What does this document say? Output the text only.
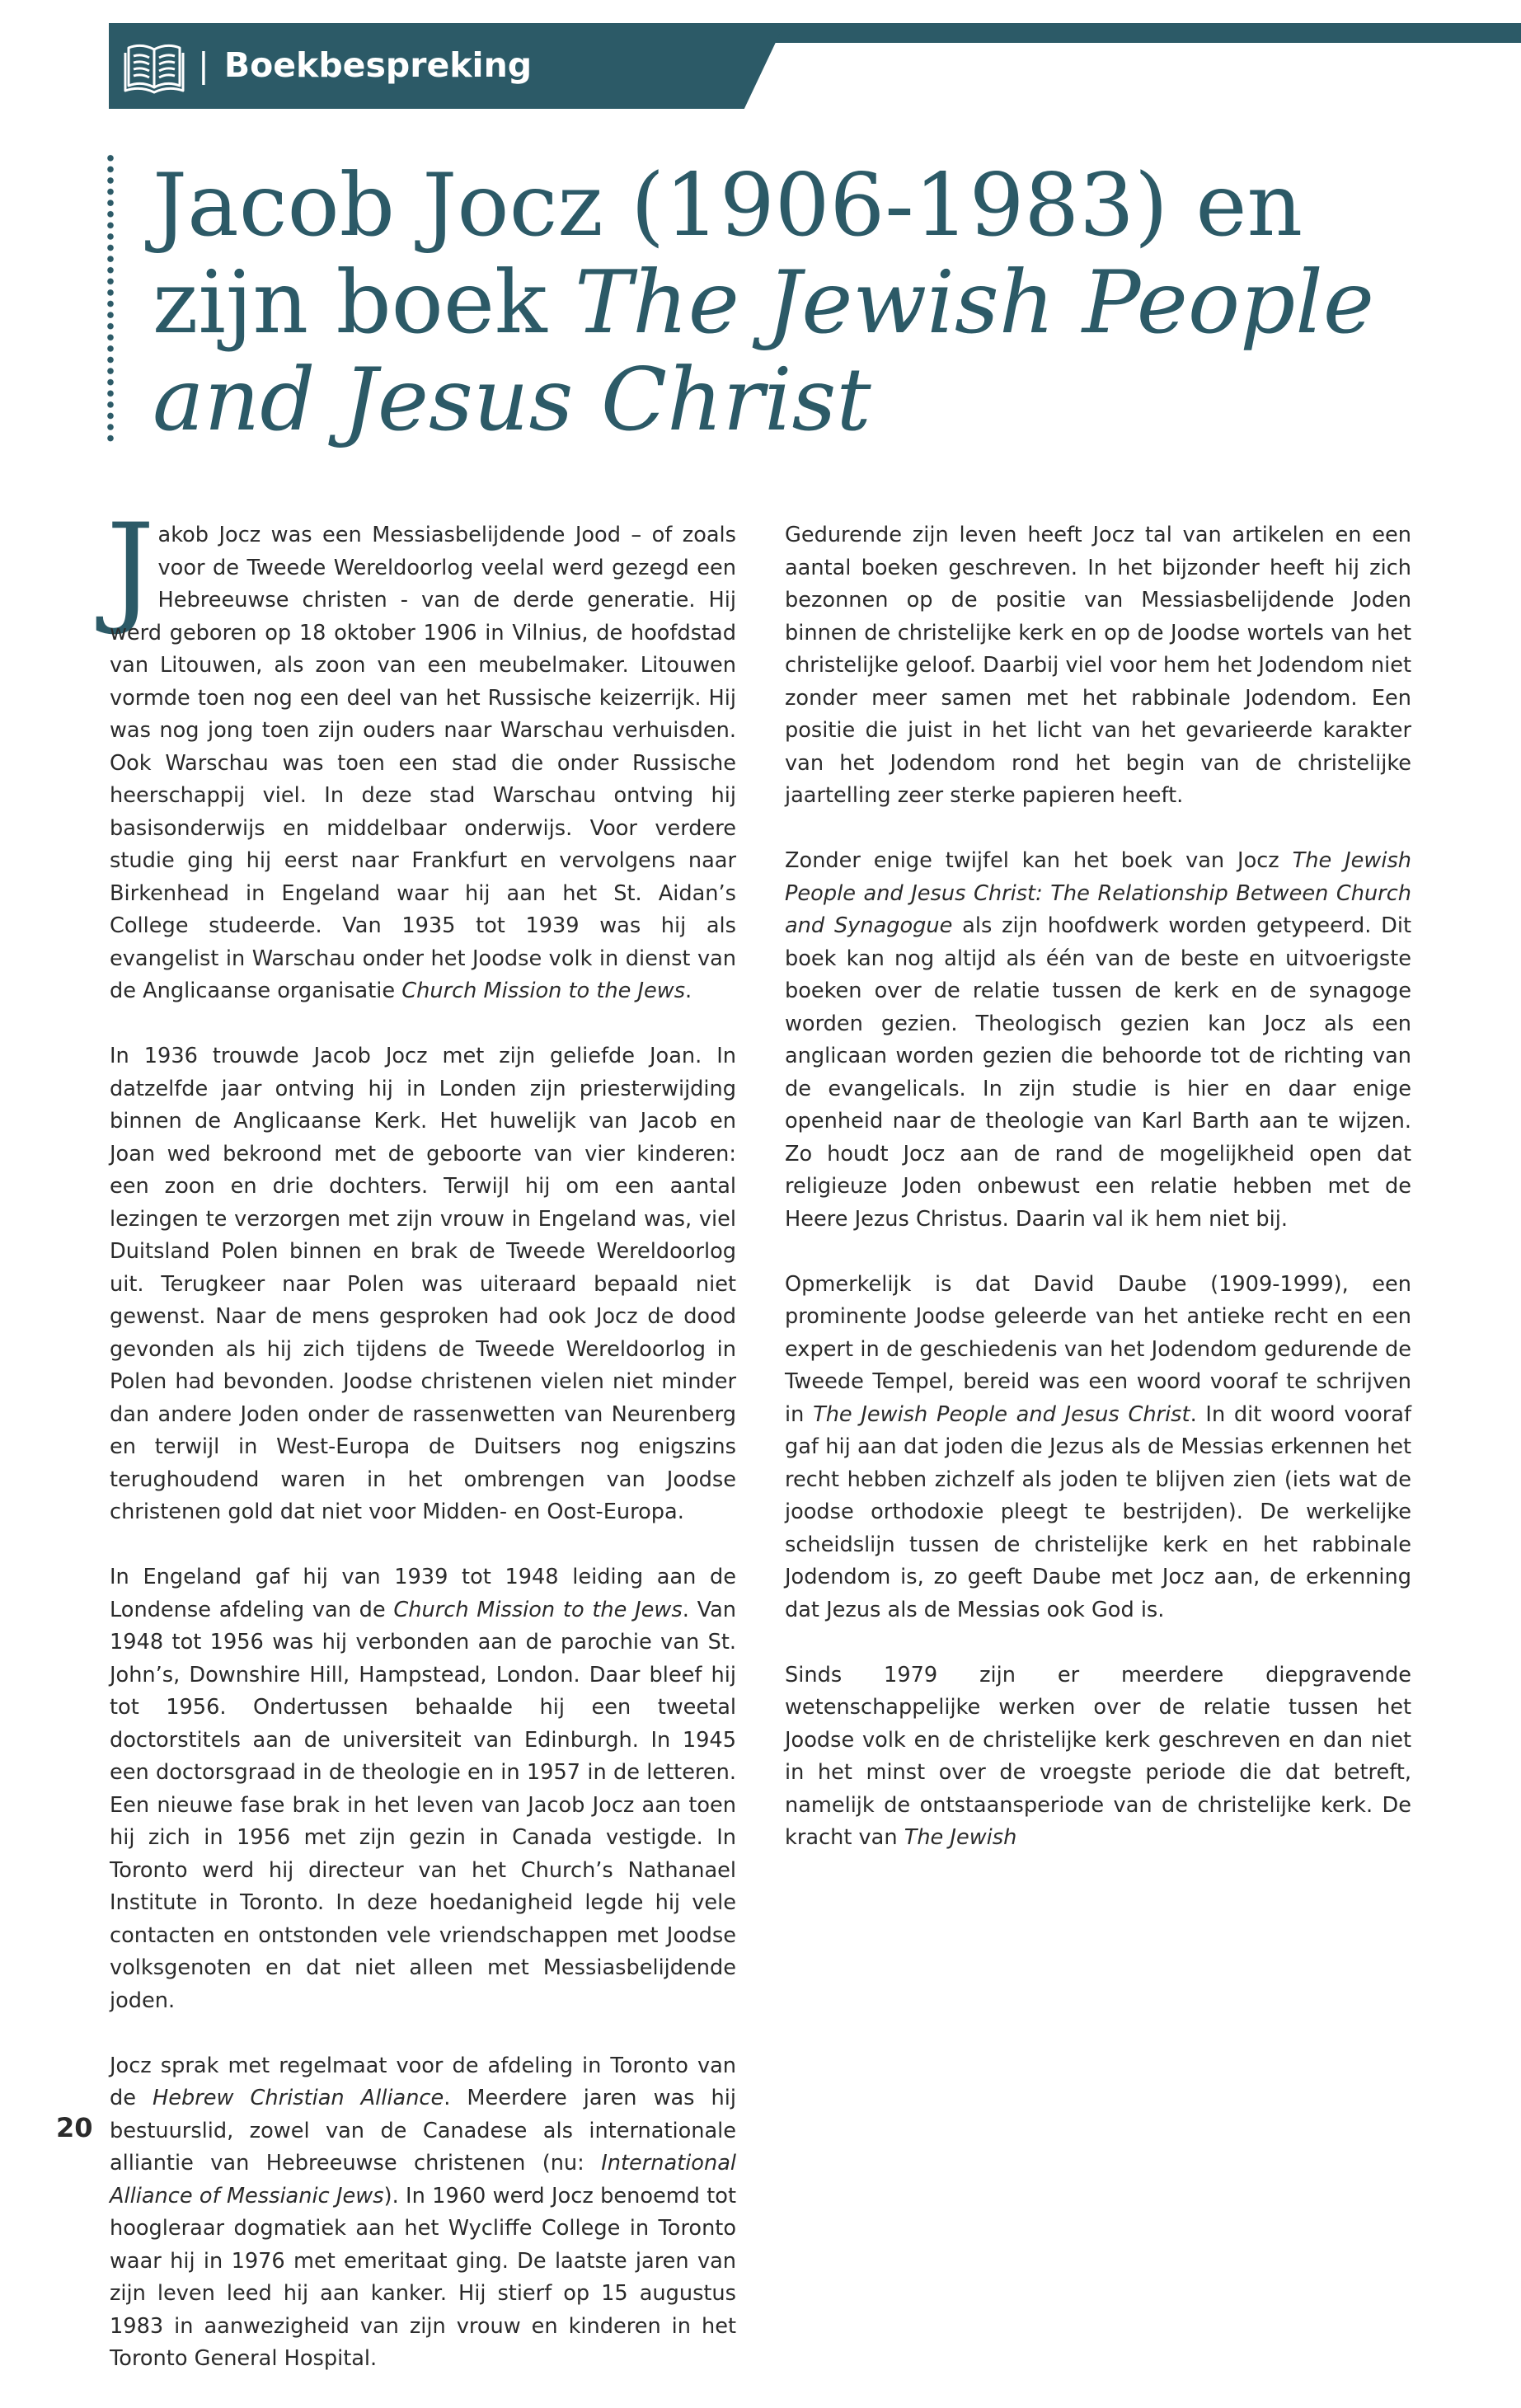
| Boekbespreking
Jacob Jocz (1906-1983) en
zijn boek The Jewish People
and Jesus Christ

Jakob Jocz was een Messiasbelijdende Jood – of zoals voor de Tweede Wereldoorlog veelal werd gezegd een Hebreeuwse christen - van de derde generatie. Hij werd geboren op 18 oktober 1906 in Vilnius, de hoofdstad van Litouwen, als zoon van een meubelmaker. Litouwen vormde toen nog een deel van het Russische keizerrijk. Hij was nog jong toen zijn ouders naar Warschau verhuisden. Ook Warschau was toen een stad die onder Russische heerschappij viel. In deze stad Warschau ontving hij basisonderwijs en middelbaar onderwijs. Voor verdere studie ging hij eerst naar Frankfurt en vervolgens naar Birkenhead in Engeland waar hij aan het St. Aidan’s College studeerde. Van 1935 tot 1939 was hij als evangelist in Warschau onder het Joodse volk in dienst van de Anglicaanse organisatie Church Mission to the Jews.

In 1936 trouwde Jacob Jocz met zijn geliefde Joan. In datzelfde jaar ontving hij in Londen zijn priesterwijding binnen de Anglicaanse Kerk. Het huwelijk van Jacob en Joan wed bekroond met de geboorte van vier kinderen: een zoon en drie dochters. Terwijl hij om een aantal lezingen te verzorgen met zijn vrouw in Engeland was, viel Duitsland Polen binnen en brak de Tweede Wereldoorlog uit. Terugkeer naar Polen was uiteraard bepaald niet gewenst. Naar de mens gesproken had ook Jocz de dood gevonden als hij zich tijdens de Tweede Wereldoorlog in Polen had bevonden. Joodse christenen vielen niet minder dan andere Joden onder de rassenwetten van Neurenberg en terwijl in West-Europa de Duitsers nog enigszins terughoudend waren in het ombrengen van Joodse christenen gold dat niet voor Midden- en Oost-Europa.

In Engeland gaf hij van 1939 tot 1948 leiding aan de Londense afdeling van de Church Mission to the Jews. Van 1948 tot 1956 was hij verbonden aan de parochie van St. John’s, Downshire Hill, Hampstead, London. Daar bleef hij tot 1956. Ondertussen behaalde hij een tweetal doctorstitels aan de universiteit van Edinburgh. In 1945 een doctorsgraad in de theologie en in 1957 in de letteren. Een nieuwe fase brak in het leven van Jacob Jocz aan toen hij zich in 1956 met zijn gezin in Canada vestigde. In Toronto werd hij directeur van het Church’s Nathanael Institute in Toronto. In deze hoedanigheid legde hij vele contacten en ontstonden vele vriendschappen met Joodse volksgenoten en dat niet alleen met Messiasbelijdende joden.

Jocz sprak met regelmaat voor de afdeling in Toronto van de Hebrew Christian Alliance. Meerdere jaren was hij bestuurslid, zowel van de Canadese als internationale alliantie van Hebreeuwse christenen (nu: International Alliance of Messianic Jews). In 1960 werd Jocz benoemd tot hoogleraar dogmatiek aan het Wycliffe College in Toronto waar hij in 1976 met emeritaat ging. De laatste jaren van zijn leven leed hij aan kanker. Hij stierf op 15 augustus 1983 in aanwezigheid van zijn vrouw en kinderen in het Toronto General Hospital.

Gedurende zijn leven heeft Jocz tal van artikelen en een aantal boeken geschreven. In het bijzonder heeft hij zich bezonnen op de positie van Messiasbelijdende Joden binnen de christelijke kerk en op de Joodse wortels van het christelijke geloof. Daarbij viel voor hem het Jodendom niet zonder meer samen met het rabbinale Jodendom. Een positie die juist in het licht van het gevarieerde karakter van het Jodendom rond het begin van de christelijke jaartelling zeer sterke papieren heeft.

Zonder enige twijfel kan het boek van Jocz The Jewish People and Jesus Christ: The Relationship Between Church and Synagogue als zijn hoofdwerk worden getypeerd. Dit boek kan nog altijd als één van de beste en uitvoerigste boeken over de relatie tussen de kerk en de synagoge worden gezien. Theologisch gezien kan Jocz als een anglicaan worden gezien die behoorde tot de richting van de evangelicals. In zijn studie is hier en daar enige openheid naar de theologie van Karl Barth aan te wijzen. Zo houdt Jocz aan de rand de mogelijkheid open dat religieuze Joden onbewust een relatie hebben met de Heere Jezus Christus. Daarin val ik hem niet bij.

Opmerkelijk is dat David Daube (1909-1999), een prominente Joodse geleerde van het antieke recht en een expert in de geschiedenis van het Jodendom gedurende de Tweede Tempel, bereid was een woord vooraf te schrijven in The Jewish People and Jesus Christ. In dit woord vooraf gaf hij aan dat joden die Jezus als de Messias erkennen het recht hebben zichzelf als joden te blijven zien (iets wat de joodse orthodoxie pleegt te bestrijden). De werkelijke scheidslijn tussen de christelijke kerk en het rabbinale Jodendom is, zo geeft Daube met Jocz aan, de erkenning dat Jezus als de Messias ook God is.

Sinds 1979 zijn er meerdere diepgravende wetenschappelijke werken over de relatie tussen het Joodse volk en de christelijke kerk geschreven en dan niet in het minst over de vroegste periode die dat betreft, namelijk de ontstaansperiode van de christelijke kerk. De kracht van The Jewish

20
